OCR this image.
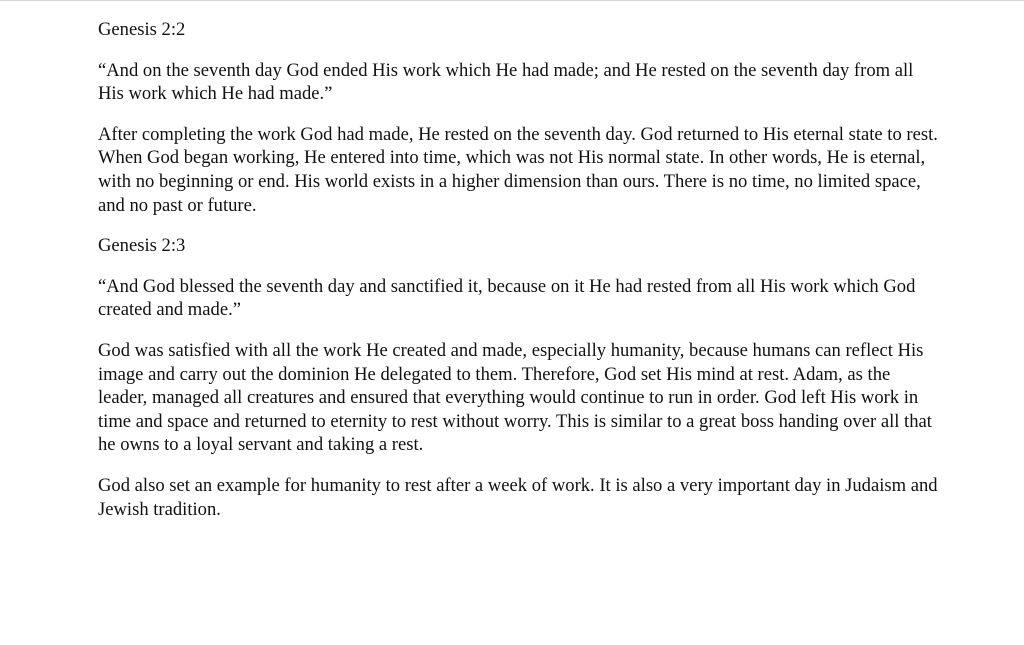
Genesis 2:2

“And on the seventh day God ended His work which He had made; and He rested on the seventh day from all His work which He had made.”

After completing the work God had made, He rested on the seventh day. God returned to His eternal state to rest. When God began working, He entered into time, which was not His normal state. In other words, He is eternal, with no beginning or end. His world exists in a higher dimension than ours. There is no time, no limited space, and no past or future.

Genesis 2:3

“And God blessed the seventh day and sanctified it, because on it He had rested from all His work which God created and made.”

God was satisfied with all the work He created and made, especially humanity, because humans can reflect His image and carry out the dominion He delegated to them. Therefore, God set His mind at rest. Adam, as the leader, managed all creatures and ensured that everything would continue to run in order. God left His work in time and space and returned to eternity to rest without worry. This is similar to a great boss handing over all that he owns to a loyal servant and taking a rest.

God also set an example for humanity to rest after a week of work. It is also a very important day in Judaism and Jewish tradition.
